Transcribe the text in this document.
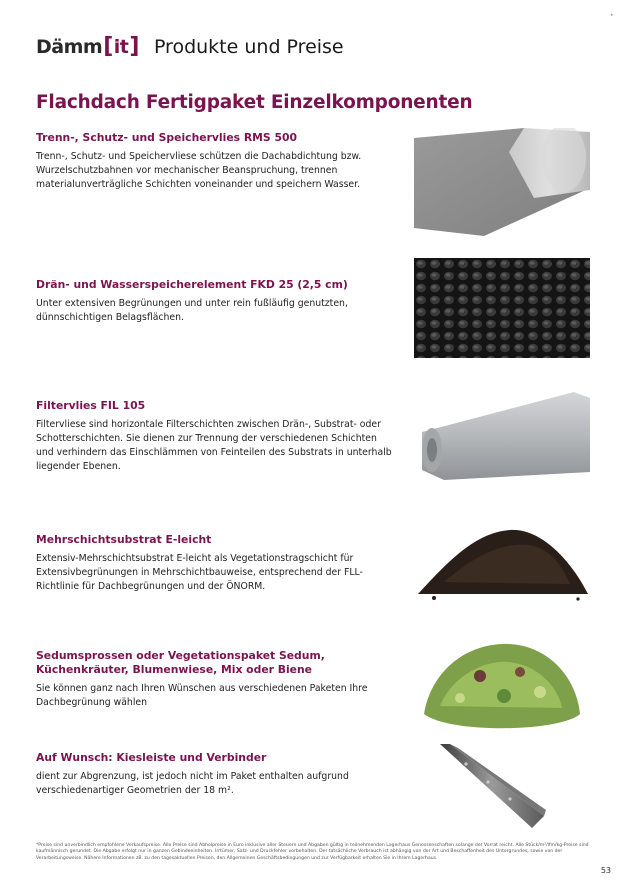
*
Dämm [ it ] Produkte und Preise
Flachdach Fertigpaket Einzelkomponenten
Trenn-, Schutz- und Speichervlies RMS 500

Trenn-, Schutz- und Speichervliese schützen die Dachabdichtung bzw. Wurzelschutzbahnen vor mechanischer Beanspruchung, trennen materialunverträgliche Schichten voneinander und speichern Wasser.

Drän- und Wasserspeicherelement FKD 25 (2,5 cm)

Unter extensiven Begrünungen und unter rein fußläufig genutzten, dünnschichtigen Belagsflächen.

Filtervlies FIL 105

Filtervliese sind horizontale Filterschichten zwischen Drän-, Substrat- oder Schotterschichten. Sie dienen zur Trennung der verschiedenen Schichten und verhindern das Einschlämmen von Feinteilen des Substrats in unterhalb liegender Ebenen.

Mehrschichtsubstrat E-leicht

Extensiv-Mehrschichtsubstrat E-leicht als Vegetationstragschicht für Extensivbegrünungen in Mehrschichtbauweise, entsprechend der FLL-Richtlinie für Dachbegrünungen und der ÖNORM.

Sedumsprossen oder Vegetationspaket Sedum, Küchenkräuter, Blumenwiese, Mix oder Biene

Sie können ganz nach Ihren Wünschen aus verschiedenen Paketen Ihre Dachbegrünung wählen

Auf Wunsch: Kiesleiste und Verbinder

dient zur Abgrenzung, ist jedoch nicht im Paket enthalten aufgrund verschiedenartiger Geometrien der 18 m².

*Preise sind unverbindlich empfohlene Verkaufspreise. Alle Preise sind Abholpreise in Euro inklusive aller Steuern und Abgaben gültig in teilnehmenden Lagerhaus Genossenschaften solange der Vorrat reicht. Alle Stück/m²/lfm/kg-Preise sind kaufmännisch gerundet. Die Abgabe erfolgt nur in ganzen Gebindeeinheiten. Irrtümer, Satz- und Druckfehler vorbehalten. Der tatsächliche Verbrauch ist abhängig von der Art und Beschaffenheit des Untergrundes, sowie von der Verarbeitungsweise. Nähere Informationen zB. zu den tagesaktuellen Preisen, den Allgemeinen Geschäftsbedingungen und zur Verfügbarkeit erhalten Sie in Ihrem Lagerhaus.

53
